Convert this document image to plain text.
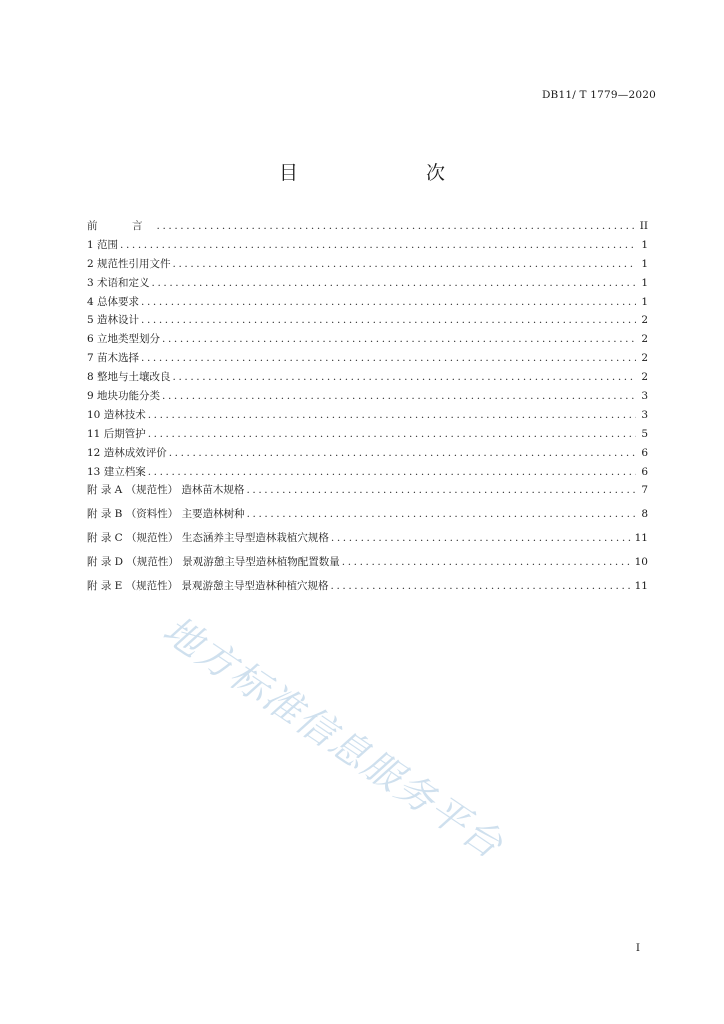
DB11/ T 1779—2020
目　　次
前　言 .....	II
1 范围 .....	1
2 规范性引用文件 .....	1
3 术语和定义 .....	1
4 总体要求 .....	1
5 造林设计 .....	2
6 立地类型划分 .....	2
7 苗木选择 .....	2
8 整地与土壤改良 .....	2
9 地块功能分类 .....	3
10 造林技术 .....	3
11 后期管护 .....	5
12 造林成效评价 .....	6
13 建立档案 .....	6
附 录 A （规范性） 造林苗木规格 .....	7
附 录 B （资料性） 主要造林树种 .....	8
附 录 C （规范性） 生态涵养主导型造林栽植穴规格 .....	11
附 录 D （规范性） 景观游憩主导型造林植物配置数量 .....	10
附 录 E （规范性） 景观游憩主导型造林种植穴规格 .....	11
地方标准信息服务平台
I
